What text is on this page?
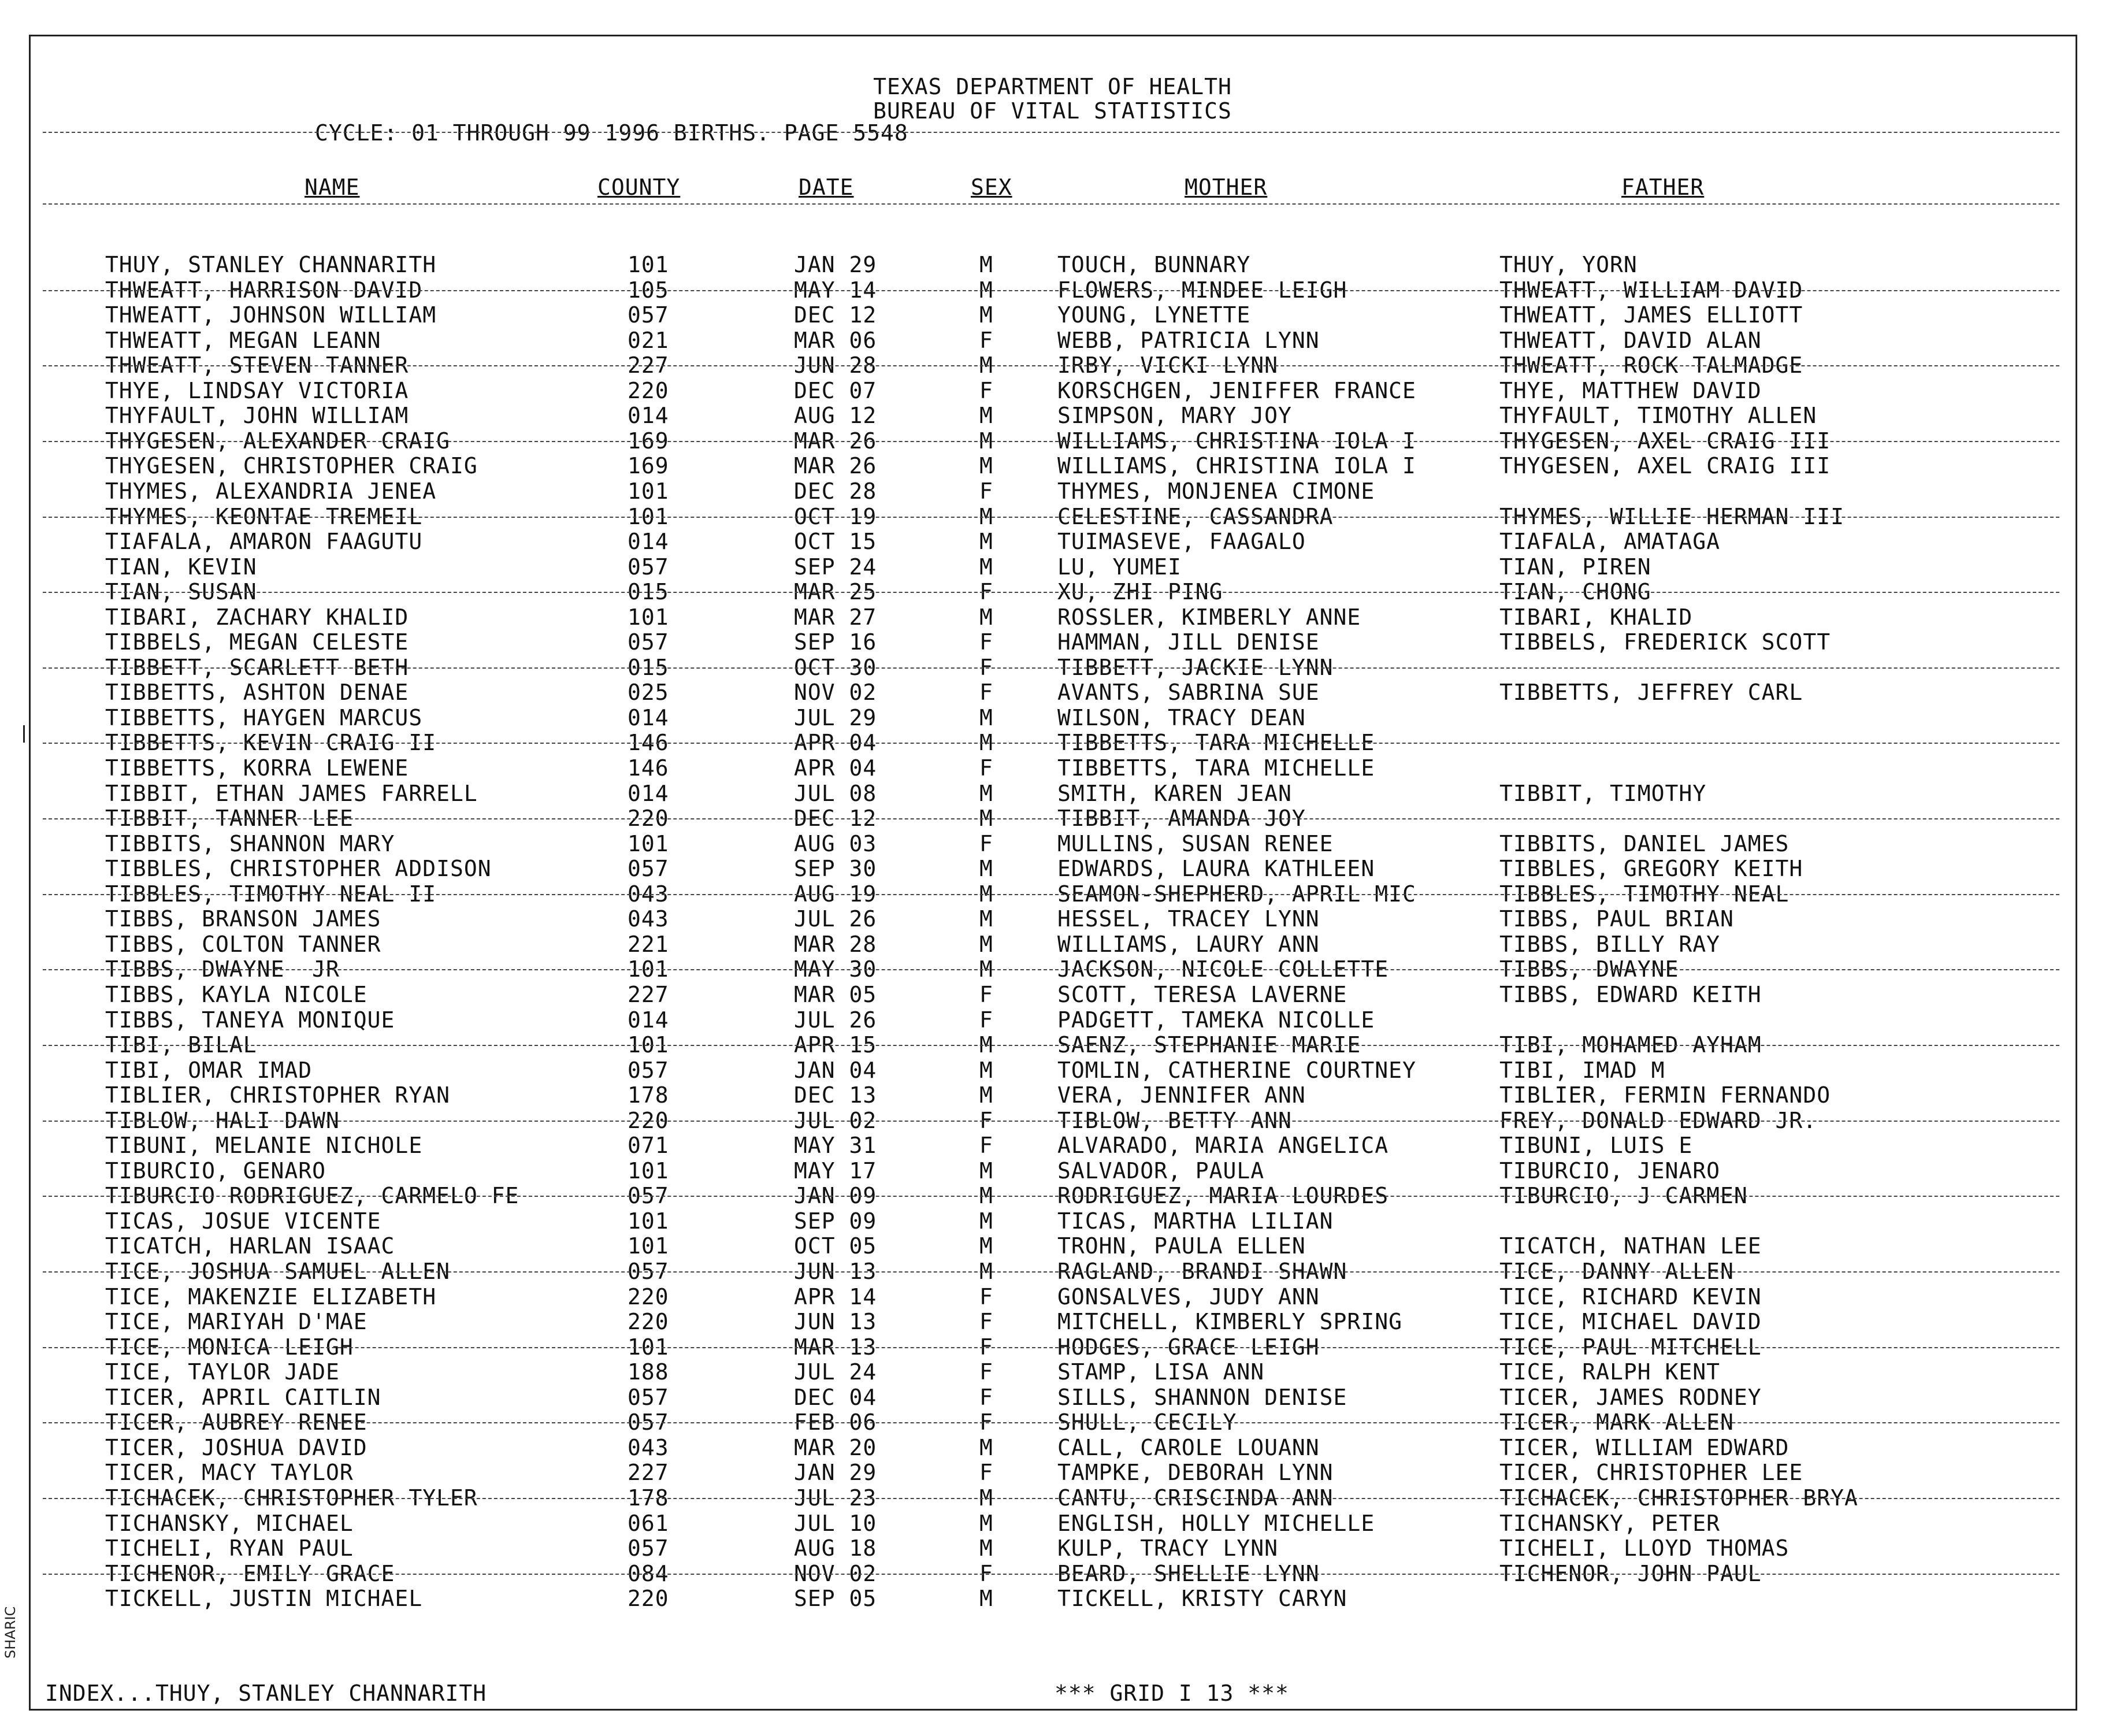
TEXAS DEPARTMENT OF HEALTH
BUREAU OF VITAL STATISTICS
CYCLE: 01 THROUGH 99 1996 BIRTHS. PAGE 5548
NAME	COUNTY	DATE	SEX	MOTHER	FATHER
THUY, STANLEY CHANNARITH	101	JAN 29	M	TOUCH, BUNNARY	THUY, YORN
THWEATT, HARRISON DAVID	105	MAY 14	M	FLOWERS, MINDEE LEIGH	THWEATT, WILLIAM DAVID
THWEATT, JOHNSON WILLIAM	057	DEC 12	M	YOUNG, LYNETTE	THWEATT, JAMES ELLIOTT
THWEATT, MEGAN LEANN	021	MAR 06	F	WEBB, PATRICIA LYNN	THWEATT, DAVID ALAN
THWEATT, STEVEN TANNER	227	JUN 28	M	IRBY, VICKI LYNN	THWEATT, ROCK TALMADGE
THYE, LINDSAY VICTORIA	220	DEC 07	F	KORSCHGEN, JENIFFER FRANCE	THYE, MATTHEW DAVID
THYFAULT, JOHN WILLIAM	014	AUG 12	M	SIMPSON, MARY JOY	THYFAULT, TIMOTHY ALLEN
THYGESEN, ALEXANDER CRAIG	169	MAR 26	M	WILLIAMS, CHRISTINA IOLA I	THYGESEN, AXEL CRAIG III
THYGESEN, CHRISTOPHER CRAIG	169	MAR 26	M	WILLIAMS, CHRISTINA IOLA I	THYGESEN, AXEL CRAIG III
THYMES, ALEXANDRIA JENEA	101	DEC 28	F	THYMES, MONJENEA CIMONE
THYMES, KEONTAE TREMEIL	101	OCT 19	M	CELESTINE, CASSANDRA	THYMES, WILLIE HERMAN III
TIAFALA, AMARON FAAGUTU	014	OCT 15	M	TUIMASEVE, FAAGALO	TIAFALA, AMATAGA
TIAN, KEVIN	057	SEP 24	M	LU, YUMEI	TIAN, PIREN
TIAN, SUSAN	015	MAR 25	F	XU, ZHI PING	TIAN, CHONG
TIBARI, ZACHARY KHALID	101	MAR 27	M	ROSSLER, KIMBERLY ANNE	TIBARI, KHALID
TIBBELS, MEGAN CELESTE	057	SEP 16	F	HAMMAN, JILL DENISE	TIBBELS, FREDERICK SCOTT
TIBBETT, SCARLETT BETH	015	OCT 30	F	TIBBETT, JACKIE LYNN
TIBBETTS, ASHTON DENAE	025	NOV 02	F	AVANTS, SABRINA SUE	TIBBETTS, JEFFREY CARL
TIBBETTS, HAYGEN MARCUS	014	JUL 29	M	WILSON, TRACY DEAN
TIBBETTS, KEVIN CRAIG II	146	APR 04	M	TIBBETTS, TARA MICHELLE
TIBBETTS, KORRA LEWENE	146	APR 04	F	TIBBETTS, TARA MICHELLE
TIBBIT, ETHAN JAMES FARRELL	014	JUL 08	M	SMITH, KAREN JEAN	TIBBIT, TIMOTHY
TIBBIT, TANNER LEE	220	DEC 12	M	TIBBIT, AMANDA JOY
TIBBITS, SHANNON MARY	101	AUG 03	F	MULLINS, SUSAN RENEE	TIBBITS, DANIEL JAMES
TIBBLES, CHRISTOPHER ADDISON	057	SEP 30	M	EDWARDS, LAURA KATHLEEN	TIBBLES, GREGORY KEITH
TIBBLES, TIMOTHY NEAL II	043	AUG 19	M	SEAMON-SHEPHERD, APRIL MIC	TIBBLES, TIMOTHY NEAL
TIBBS, BRANSON JAMES	043	JUL 26	M	HESSEL, TRACEY LYNN	TIBBS, PAUL BRIAN
TIBBS, COLTON TANNER	221	MAR 28	M	WILLIAMS, LAURY ANN	TIBBS, BILLY RAY
TIBBS, DWAYNE  JR	101	MAY 30	M	JACKSON, NICOLE COLLETTE	TIBBS, DWAYNE
TIBBS, KAYLA NICOLE	227	MAR 05	F	SCOTT, TERESA LAVERNE	TIBBS, EDWARD KEITH
TIBBS, TANEYA MONIQUE	014	JUL 26	F	PADGETT, TAMEKA NICOLLE
TIBI, BILAL	101	APR 15	M	SAENZ, STEPHANIE MARIE	TIBI, MOHAMED AYHAM
TIBI, OMAR IMAD	057	JAN 04	M	TOMLIN, CATHERINE COURTNEY	TIBI, IMAD M
TIBLIER, CHRISTOPHER RYAN	178	DEC 13	M	VERA, JENNIFER ANN	TIBLIER, FERMIN FERNANDO
TIBLOW, HALI DAWN	220	JUL 02	F	TIBLOW, BETTY ANN	FREY, DONALD EDWARD JR.
TIBUNI, MELANIE NICHOLE	071	MAY 31	F	ALVARADO, MARIA ANGELICA	TIBUNI, LUIS E
TIBURCIO, GENARO	101	MAY 17	M	SALVADOR, PAULA	TIBURCIO, JENARO
TIBURCIO RODRIGUEZ, CARMELO FE	057	JAN 09	M	RODRIGUEZ, MARIA LOURDES	TIBURCIO, J CARMEN
TICAS, JOSUE VICENTE	101	SEP 09	M	TICAS, MARTHA LILIAN
TICATCH, HARLAN ISAAC	101	OCT 05	M	TROHN, PAULA ELLEN	TICATCH, NATHAN LEE
TICE, JOSHUA SAMUEL ALLEN	057	JUN 13	M	RAGLAND, BRANDI SHAWN	TICE, DANNY ALLEN
TICE, MAKENZIE ELIZABETH	220	APR 14	F	GONSALVES, JUDY ANN	TICE, RICHARD KEVIN
TICE, MARIYAH D'MAE	220	JUN 13	F	MITCHELL, KIMBERLY SPRING	TICE, MICHAEL DAVID
TICE, MONICA LEIGH	101	MAR 13	F	HODGES, GRACE LEIGH	TICE, PAUL MITCHELL
TICE, TAYLOR JADE	188	JUL 24	F	STAMP, LISA ANN	TICE, RALPH KENT
TICER, APRIL CAITLIN	057	DEC 04	F	SILLS, SHANNON DENISE	TICER, JAMES RODNEY
TICER, AUBREY RENEE	057	FEB 06	F	SHULL, CECILY	TICER, MARK ALLEN
TICER, JOSHUA DAVID	043	MAR 20	M	CALL, CAROLE LOUANN	TICER, WILLIAM EDWARD
TICER, MACY TAYLOR	227	JAN 29	F	TAMPKE, DEBORAH LYNN	TICER, CHRISTOPHER LEE
TICHACEK, CHRISTOPHER TYLER	178	JUL 23	M	CANTU, CRISCINDA ANN	TICHACEK, CHRISTOPHER BRYA
TICHANSKY, MICHAEL	061	JUL 10	M	ENGLISH, HOLLY MICHELLE	TICHANSKY, PETER
TICHELI, RYAN PAUL	057	AUG 18	M	KULP, TRACY LYNN	TICHELI, LLOYD THOMAS
TICHENOR, EMILY GRACE	084	NOV 02	F	BEARD, SHELLIE LYNN	TICHENOR, JOHN PAUL
TICKELL, JUSTIN MICHAEL	220	SEP 05	M	TICKELL, KRISTY CARYN
INDEX...THUY, STANLEY CHANNARITH	*** GRID I 13 ***
SHARIC
